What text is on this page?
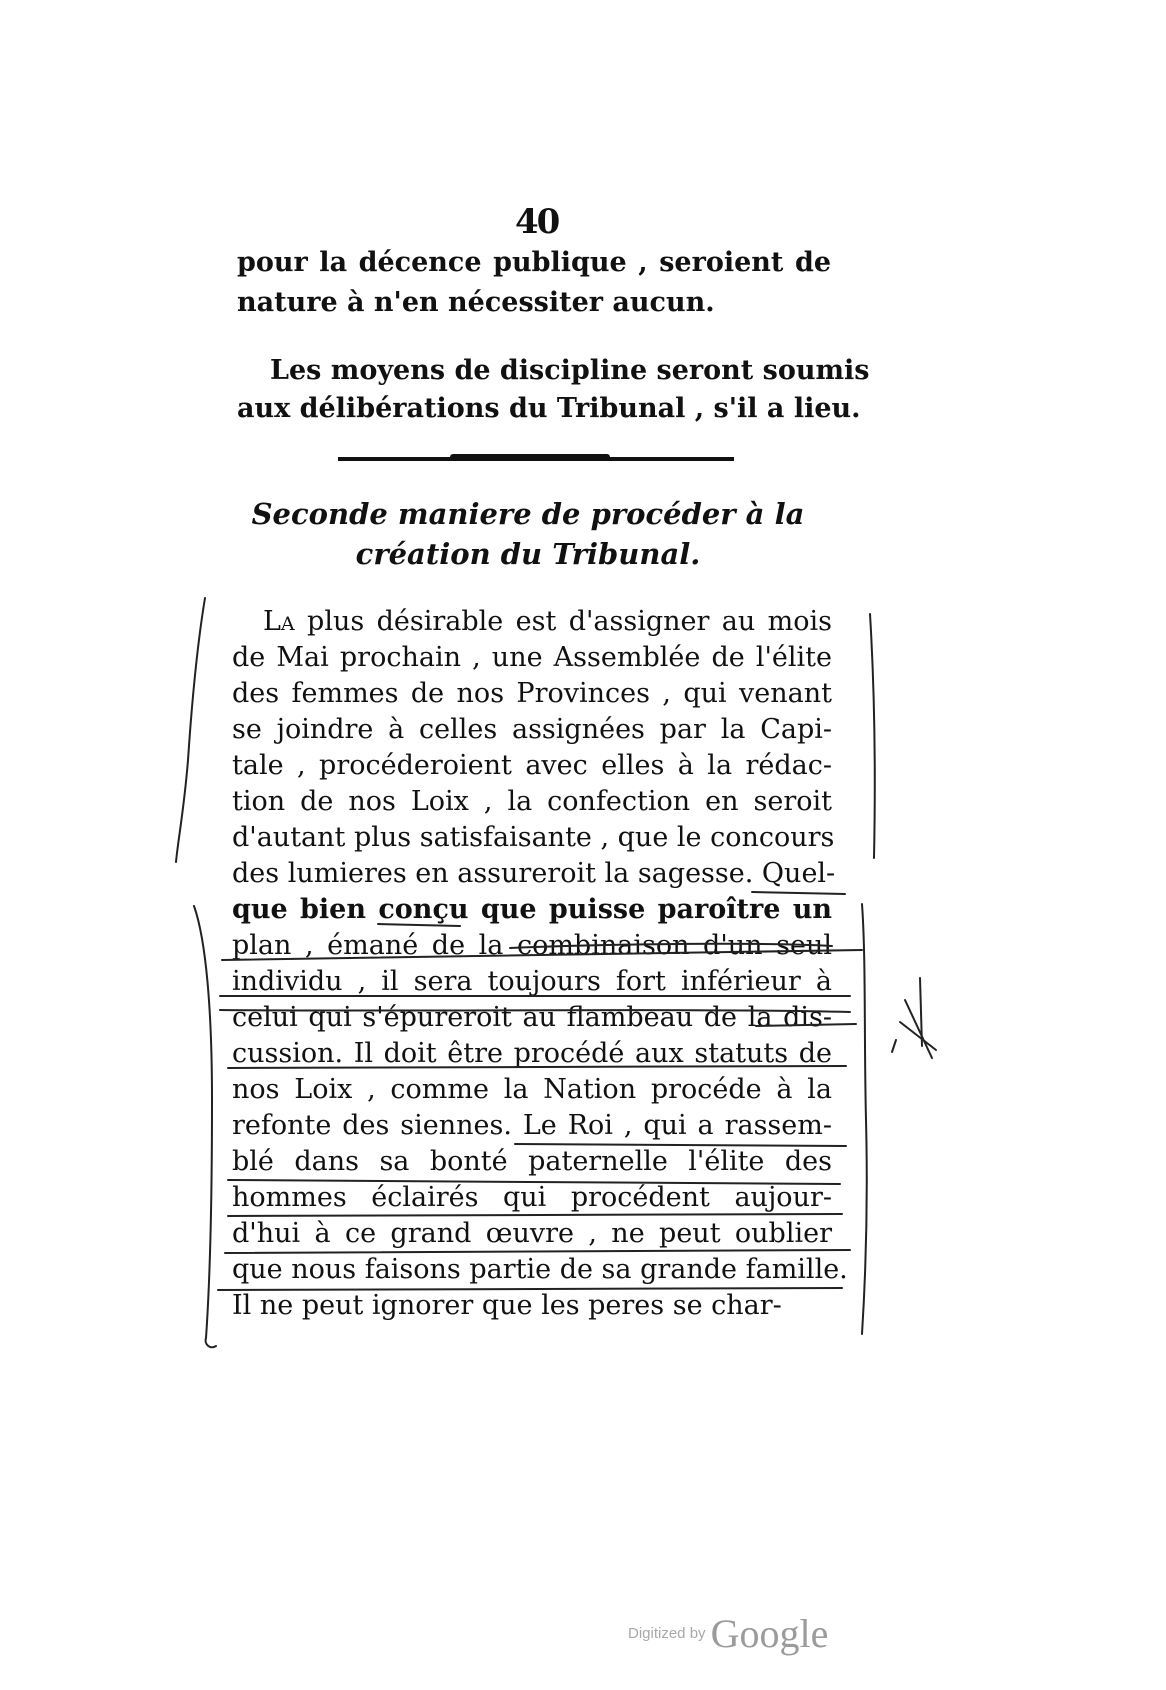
40
pour la décence publique , seroient de
nature à n'en nécessiter aucun.
Les moyens de discipline seront soumis
aux délibérations du Tribunal , s'il a lieu.
Seconde maniere de procéder à la
création du Tribunal.
La plus désirable est d'assigner au mois
de Mai prochain , une Assemblée de l'élite
des femmes de nos Provinces , qui venant
se joindre à celles assignées par la Capi-
tale , procéderoient avec elles à la rédac-
tion de nos Loix , la confection en seroit
d'autant plus satisfaisante , que le concours
des lumieres en assureroit la sagesse. Quel-
que bien conçu que puisse paroître un
plan , émané de la combinaison d'un seul
individu , il sera toujours fort inférieur à
celui qui s'épureroit au flambeau de la dis-
cussion. Il doit être procédé aux statuts de
nos Loix , comme la Nation procéde à la
refonte des siennes. Le Roi , qui a rassem-
blé dans sa bonté paternelle l'élite des
hommes éclairés qui procédent aujour-
d'hui à ce grand œuvre , ne peut oublier
que nous faisons partie de sa grande famille.
Il ne peut ignorer que les peres se char-
Digitized by Google
